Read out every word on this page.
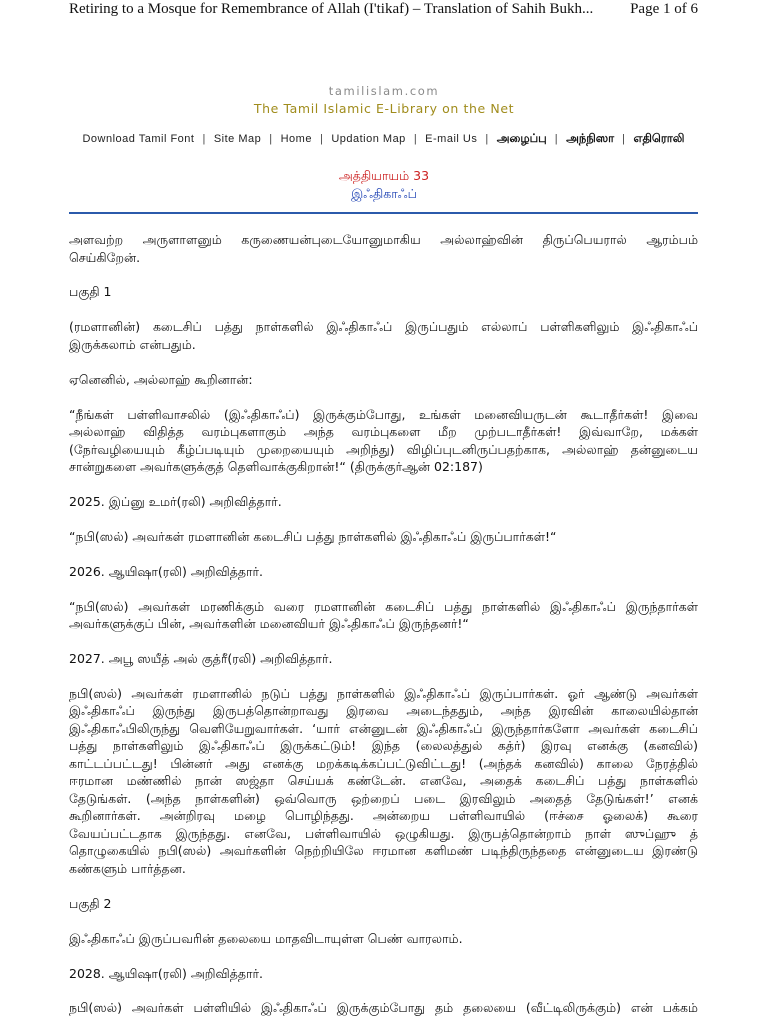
Retiring to a Mosque for Remembrance of Allah (I'tikaf) – Translation of Sahih Bukh... Page 1 of 6
tamilislam.com
The Tamil Islamic E-Library on the Net
Download Tamil Font | Site Map | Home | Updation Map | E-mail Us | அழைப்பு | அந்நிஸா | எதிரொலி
அத்தியாயம் 33
இஃதிகாஃப்
அளவற்ற அருளாளனும் கருணையன்புடையோனுமாகிய அல்லாஹ்வின் திருப்பெயரால் ஆரம்பம்
செய்கிறேன்.
பகுதி 1
(ரமளானின்) கடைசிப் பத்து நாள்களில் இஃதிகாஃப் இருப்பதும் எல்லாப் பள்ளிகளிலும் இஃதிகாஃப்
இருக்கலாம் என்பதும்.
ஏனெனில், அல்லாஹ் கூறினான்:
“நீங்கள் பள்ளிவாசலில் (இஃதிகாஃப்) இருக்கும்போது, உங்கள் மனைவியருடன் கூடாதீர்கள்! இவை
அல்லாஹ் விதித்த வரம்புகளாகும் அந்த வரம்புகளை மீற முற்படாதீர்கள்! இவ்வாறே, மக்கள்
(நேர்வழியையும் கீழ்ப்படியும் முறையையும் அறிந்து) விழிப்புடனிருப்பதற்காக, அல்லாஹ் தன்னுடைய
சான்றுகளை அவர்களுக்குத் தெளிவாக்குகிறான்!“ (திருக்குர்ஆன் 02:187)
2025. இப்னு உமர்(ரலி) அறிவித்தார்.
“நபி(ஸல்) அவர்கள் ரமளானின் கடைசிப் பத்து நாள்களில் இஃதிகாஃப் இருப்பார்கள்!“
2026. ஆயிஷா(ரலி) அறிவித்தார்.
“நபி(ஸல்) அவர்கள் மரணிக்கும் வரை ரமளானின் கடைசிப் பத்து நாள்களில் இஃதிகாஃப் இருந்தார்கள்
அவர்களுக்குப் பின், அவர்களின் மனைவியர் இஃதிகாஃப் இருந்தனர்!“
2027. அபூ ஸயீத் அல் குத்ரீ(ரலி) அறிவித்தார்.
நபி(ஸல்) அவர்கள் ரமளானில் நடுப் பத்து நாள்களில் இஃதிகாஃப் இருப்பார்கள். ஓர் ஆண்டு அவர்கள்
இஃதிகாஃப் இருந்து இருபத்தொன்றாவது இரவை அடைந்ததும், அந்த இரவின் காலையில்தான்
இஃதிகாஃபிலிருந்து வெளியேறுவார்கள். ‘யார் என்னுடன் இஃதிகாஃப் இருந்தார்களோ அவர்கள் கடைசிப்
பத்து நாள்களிலும் இஃதிகாஃப் இருக்கட்டும்! இந்த (லைலத்துல் கத்ர்) இரவு எனக்கு (கனவில்)
காட்டப்பட்டது! பின்னர் அது எனக்கு மறக்கடிக்கப்பட்டுவிட்டது! (அந்தக் கனவில்) காலை நேரத்தில்
ஈரமான மண்ணில் நான் ஸஜ்தா செய்யக் கண்டேன். எனவே, அதைக் கடைசிப் பத்து நாள்களில்
தேடுங்கள். (அந்த நாள்களின்) ஒவ்வொரு ஒற்றைப் படை இரவிலும் அதைத் தேடுங்கள்!’ எனக்
கூறினார்கள். அன்றிரவு மழை பொழிந்தது. அன்றைய பள்ளிவாயில் (ஈச்சை ஓலைக்) கூரை
வேயப்பட்டதாக இருந்தது. எனவே, பள்ளிவாயில் ஒழுகியது. இருபத்தொன்றாம் நாள் ஸுப்ஹு த்
தொழுகையில் நபி(ஸல்) அவர்களின் நெற்றியிலே ஈரமான களிமண் படிந்திருந்ததை என்னுடைய இரண்டு
கண்களும் பார்த்தன.
பகுதி 2
இஃதிகாஃப் இருப்பவரின் தலையை மாதவிடாயுள்ள பெண் வாரலாம்.
2028. ஆயிஷா(ரலி) அறிவித்தார்.
நபி(ஸல்) அவர்கள் பள்ளியில் இஃதிகாஃப் இருக்கும்போது தம் தலையை (வீட்டிலிருக்கும்) என் பக்கம்
